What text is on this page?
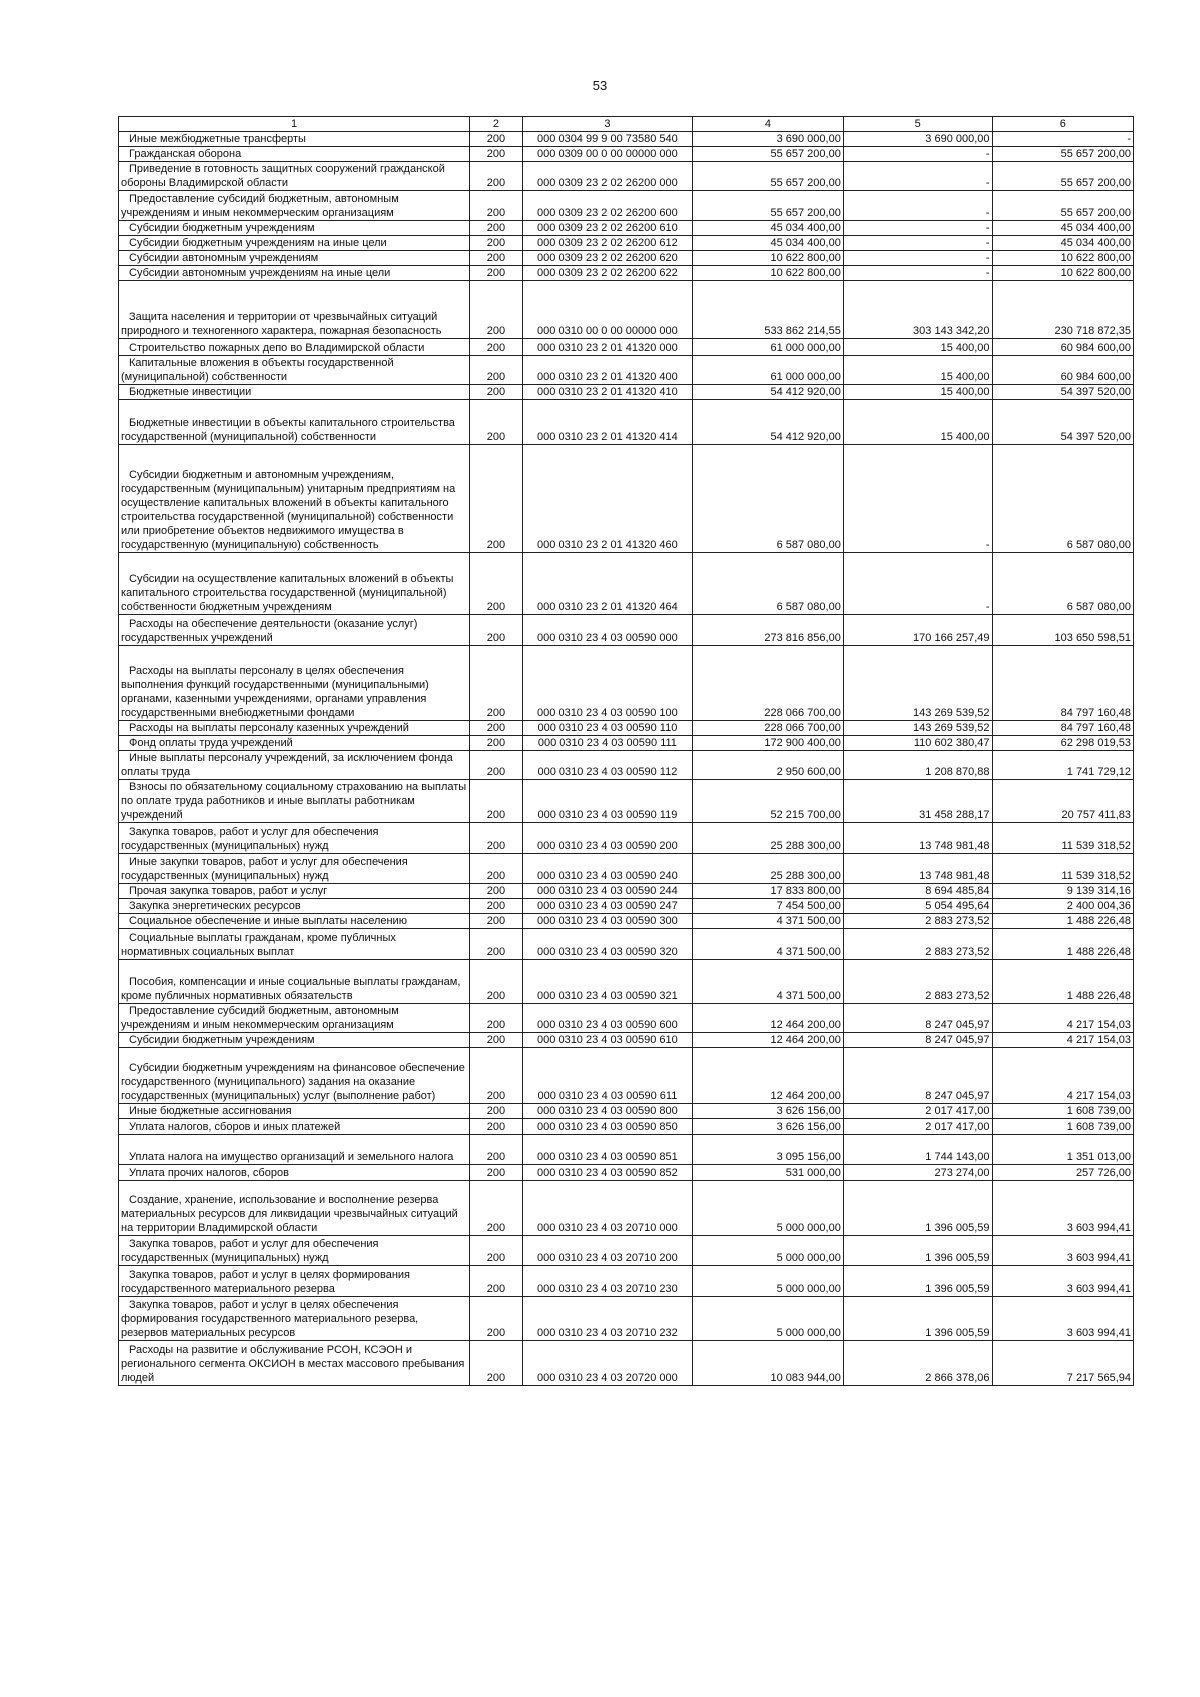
53
1	2	3	4	5	6
Иные межбюджетные трансферты	200	000 0304 99 9 00 73580 540	3 690 000,00	3 690 000,00	-
Гражданская оборона	200	000 0309 00 0 00 00000 000	55 657 200,00	-	55 657 200,00
Приведение в готовность защитных сооружений гражданской обороны Владимирской области	200	000 0309 23 2 02 26200 000	55 657 200,00	-	55 657 200,00
Предоставление субсидий бюджетным, автономным учреждениям и иным некоммерческим организациям	200	000 0309 23 2 02 26200 600	55 657 200,00	-	55 657 200,00
Субсидии бюджетным учреждениям	200	000 0309 23 2 02 26200 610	45 034 400,00	-	45 034 400,00
Субсидии бюджетным учреждениям на иные цели	200	000 0309 23 2 02 26200 612	45 034 400,00	-	45 034 400,00
Субсидии автономным учреждениям	200	000 0309 23 2 02 26200 620	10 622 800,00	-	10 622 800,00
Субсидии автономным учреждениям на иные цели	200	000 0309 23 2 02 26200 622	10 622 800,00	-	10 622 800,00
Защита населения и территории от чрезвычайных ситуаций природного и техногенного характера, пожарная безопасность	200	000 0310 00 0 00 00000 000	533 862 214,55	303 143 342,20	230 718 872,35
Строительство пожарных депо во Владимирской области	200	000 0310 23 2 01 41320 000	61 000 000,00	15 400,00	60 984 600,00
Капитальные вложения в объекты государственной (муниципальной) собственности	200	000 0310 23 2 01 41320 400	61 000 000,00	15 400,00	60 984 600,00
Бюджетные инвестиции	200	000 0310 23 2 01 41320 410	54 412 920,00	15 400,00	54 397 520,00
Бюджетные инвестиции в объекты капитального строительства государственной (муниципальной) собственности	200	000 0310 23 2 01 41320 414	54 412 920,00	15 400,00	54 397 520,00
Субсидии бюджетным и автономным учреждениям, государственным (муниципальным) унитарным предприятиям на осуществление капитальных вложений в объекты капитального строительства государственной (муниципальной) собственности или приобретение объектов недвижимого имущества в государственную (муниципальную) собственность	200	000 0310 23 2 01 41320 460	6 587 080,00	-	6 587 080,00
Субсидии на осуществление капитальных вложений в объекты капитального строительства государственной (муниципальной) собственности бюджетным учреждениям	200	000 0310 23 2 01 41320 464	6 587 080,00	-	6 587 080,00
Расходы на обеспечение деятельности (оказание услуг) государственных учреждений	200	000 0310 23 4 03 00590 000	273 816 856,00	170 166 257,49	103 650 598,51
Расходы на выплаты персоналу в целях обеспечения выполнения функций государственными (муниципальными) органами, казенными учреждениями, органами управления государственными внебюджетными фондами	200	000 0310 23 4 03 00590 100	228 066 700,00	143 269 539,52	84 797 160,48
Расходы на выплаты персоналу казенных учреждений	200	000 0310 23 4 03 00590 110	228 066 700,00	143 269 539,52	84 797 160,48
Фонд оплаты труда учреждений	200	000 0310 23 4 03 00590 111	172 900 400,00	110 602 380,47	62 298 019,53
Иные выплаты персоналу учреждений, за исключением фонда оплаты труда	200	000 0310 23 4 03 00590 112	2 950 600,00	1 208 870,88	1 741 729,12
Взносы по обязательному социальному страхованию на выплаты по оплате труда работников и иные выплаты работникам учреждений	200	000 0310 23 4 03 00590 119	52 215 700,00	31 458 288,17	20 757 411,83
Закупка товаров, работ и услуг для обеспечения государственных (муниципальных) нужд	200	000 0310 23 4 03 00590 200	25 288 300,00	13 748 981,48	11 539 318,52
Иные закупки товаров, работ и услуг для обеспечения государственных (муниципальных) нужд	200	000 0310 23 4 03 00590 240	25 288 300,00	13 748 981,48	11 539 318,52
Прочая закупка товаров, работ и услуг	200	000 0310 23 4 03 00590 244	17 833 800,00	8 694 485,84	9 139 314,16
Закупка энергетических ресурсов	200	000 0310 23 4 03 00590 247	7 454 500,00	5 054 495,64	2 400 004,36
Социальное обеспечение и иные выплаты населению	200	000 0310 23 4 03 00590 300	4 371 500,00	2 883 273,52	1 488 226,48
Социальные выплаты гражданам, кроме публичных нормативных социальных выплат	200	000 0310 23 4 03 00590 320	4 371 500,00	2 883 273,52	1 488 226,48
Пособия, компенсации и иные социальные выплаты гражданам, кроме публичных нормативных обязательств	200	000 0310 23 4 03 00590 321	4 371 500,00	2 883 273,52	1 488 226,48
Предоставление субсидий бюджетным, автономным учреждениям и иным некоммерческим организациям	200	000 0310 23 4 03 00590 600	12 464 200,00	8 247 045,97	4 217 154,03
Субсидии бюджетным учреждениям	200	000 0310 23 4 03 00590 610	12 464 200,00	8 247 045,97	4 217 154,03
Субсидии бюджетным учреждениям на финансовое обеспечение государственного (муниципального) задания на оказание государственных (муниципальных) услуг (выполнение работ)	200	000 0310 23 4 03 00590 611	12 464 200,00	8 247 045,97	4 217 154,03
Иные бюджетные ассигнования	200	000 0310 23 4 03 00590 800	3 626 156,00	2 017 417,00	1 608 739,00
Уплата налогов, сборов и иных платежей	200	000 0310 23 4 03 00590 850	3 626 156,00	2 017 417,00	1 608 739,00
Уплата налога на имущество организаций и земельного налога	200	000 0310 23 4 03 00590 851	3 095 156,00	1 744 143,00	1 351 013,00
Уплата прочих налогов, сборов	200	000 0310 23 4 03 00590 852	531 000,00	273 274,00	257 726,00
Создание, хранение, использование и восполнение резерва материальных ресурсов для ликвидации чрезвычайных ситуаций на территории Владимирской области	200	000 0310 23 4 03 20710 000	5 000 000,00	1 396 005,59	3 603 994,41
Закупка товаров, работ и услуг для обеспечения государственных (муниципальных) нужд	200	000 0310 23 4 03 20710 200	5 000 000,00	1 396 005,59	3 603 994,41
Закупка товаров, работ и услуг в целях формирования государственного материального резерва	200	000 0310 23 4 03 20710 230	5 000 000,00	1 396 005,59	3 603 994,41
Закупка товаров, работ и услуг в целях обеспечения формирования государственного материального резерва, резервов материальных ресурсов	200	000 0310 23 4 03 20710 232	5 000 000,00	1 396 005,59	3 603 994,41
Расходы на развитие и обслуживание РСОН, КСЭОН и регионального сегмента ОКСИОН в местах массового пребывания людей	200	000 0310 23 4 03 20720 000	10 083 944,00	2 866 378,06	7 217 565,94
